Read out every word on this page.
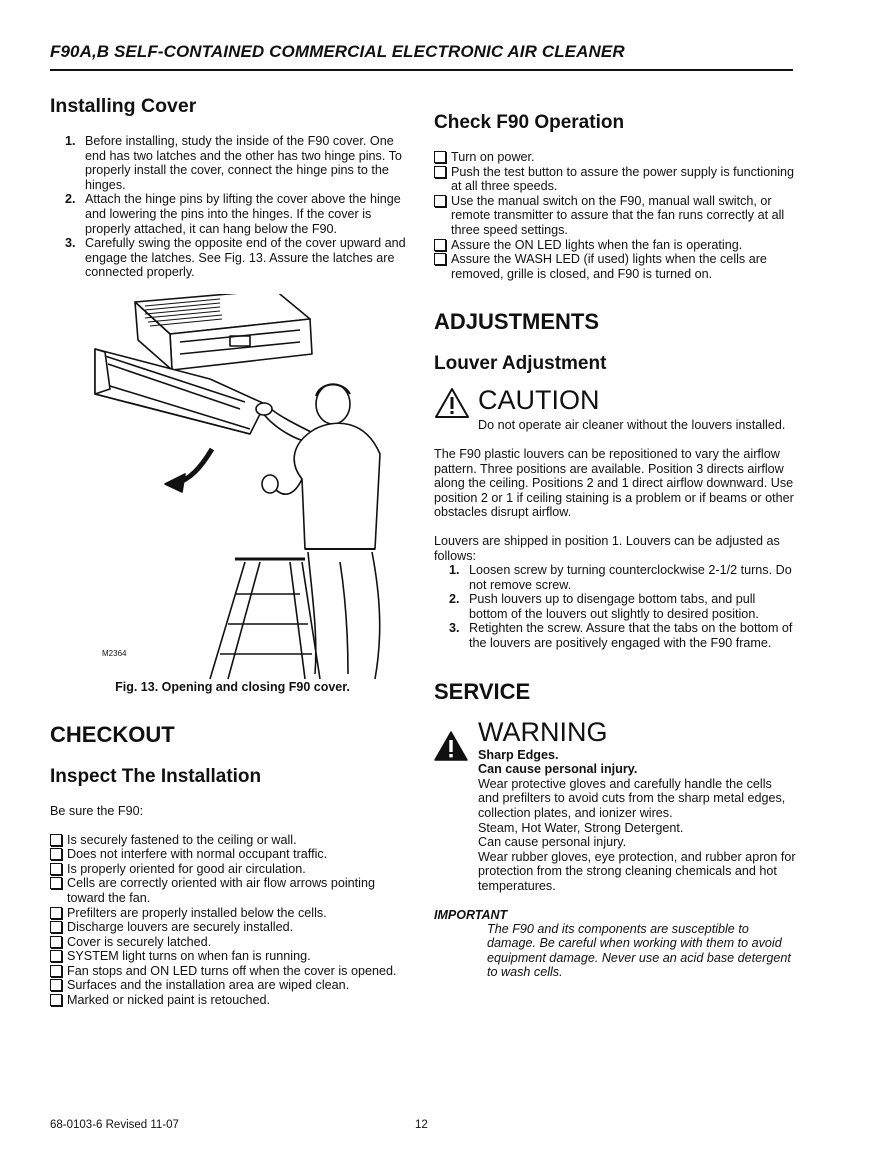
F90A,B SELF-CONTAINED COMMERCIAL ELECTRONIC AIR CLEANER
Installing Cover
1. Before installing, study the inside of the F90 cover. One end has two latches and the other has two hinge pins. To properly install the cover, connect the hinge pins to the hinges.
2. Attach the hinge pins by lifting the cover above the hinge and lowering the pins into the hinges. If the cover is properly attached, it can hang below the F90.
3. Carefully swing the opposite end of the cover upward and engage the latches. See Fig. 13. Assure the latches are connected properly.
M2364
Fig. 13. Opening and closing F90 cover.
CHECKOUT
Inspect The Installation

Be sure the F90:

Is securely fastened to the ceiling or wall.
Does not interfere with normal occupant traffic.
Is properly oriented for good air circulation.
Cells are correctly oriented with air flow arrows pointing toward the fan.
Prefilters are properly installed below the cells.
Discharge louvers are securely installed.
Cover is securely latched.
SYSTEM light turns on when fan is running.
Fan stops and ON LED turns off when the cover is opened.
Surfaces and the installation area are wiped clean.
Marked or nicked paint is retouched.
Check F90 Operation
Turn on power.
Push the test button to assure the power supply is functioning at all three speeds.
Use the manual switch on the F90, manual wall switch, or remote transmitter to assure that the fan runs correctly at all three speed settings.
Assure the ON LED lights when the fan is operating.
Assure the WASH LED (if used) lights when the cells are removed, grille is closed, and F90 is turned on.
ADJUSTMENTS
Louver Adjustment
CAUTION
Do not operate air cleaner without the louvers installed.

The F90 plastic louvers can be repositioned to vary the airflow pattern. Three positions are available. Position 3 directs airflow along the ceiling. Positions 2 and 1 direct airflow downward. Use position 2 or 1 if ceiling staining is a problem or if beams or other obstacles disrupt airflow.

Louvers are shipped in position 1. Louvers can be adjusted as follows:

1. Loosen screw by turning counterclockwise 2-1/2 turns. Do not remove screw.
2. Push louvers up to disengage bottom tabs, and pull bottom of the louvers out slightly to desired position.
3. Retighten the screw. Assure that the tabs on the bottom of the louvers are positively engaged with the F90 frame.
SERVICE
WARNING
Sharp Edges.
Can cause personal injury.
Wear protective gloves and carefully handle the cells and prefilters to avoid cuts from the sharp metal edges, collection plates, and ionizer wires.
Steam, Hot Water, Strong Detergent.
Can cause personal injury.
Wear rubber gloves, eye protection, and rubber apron for protection from the strong cleaning chemicals and hot temperatures.
IMPORTANT
The F90 and its components are susceptible to damage. Be careful when working with them to avoid equipment damage. Never use an acid base detergent to wash cells.
68-0103-6 Revised 11-07	12
